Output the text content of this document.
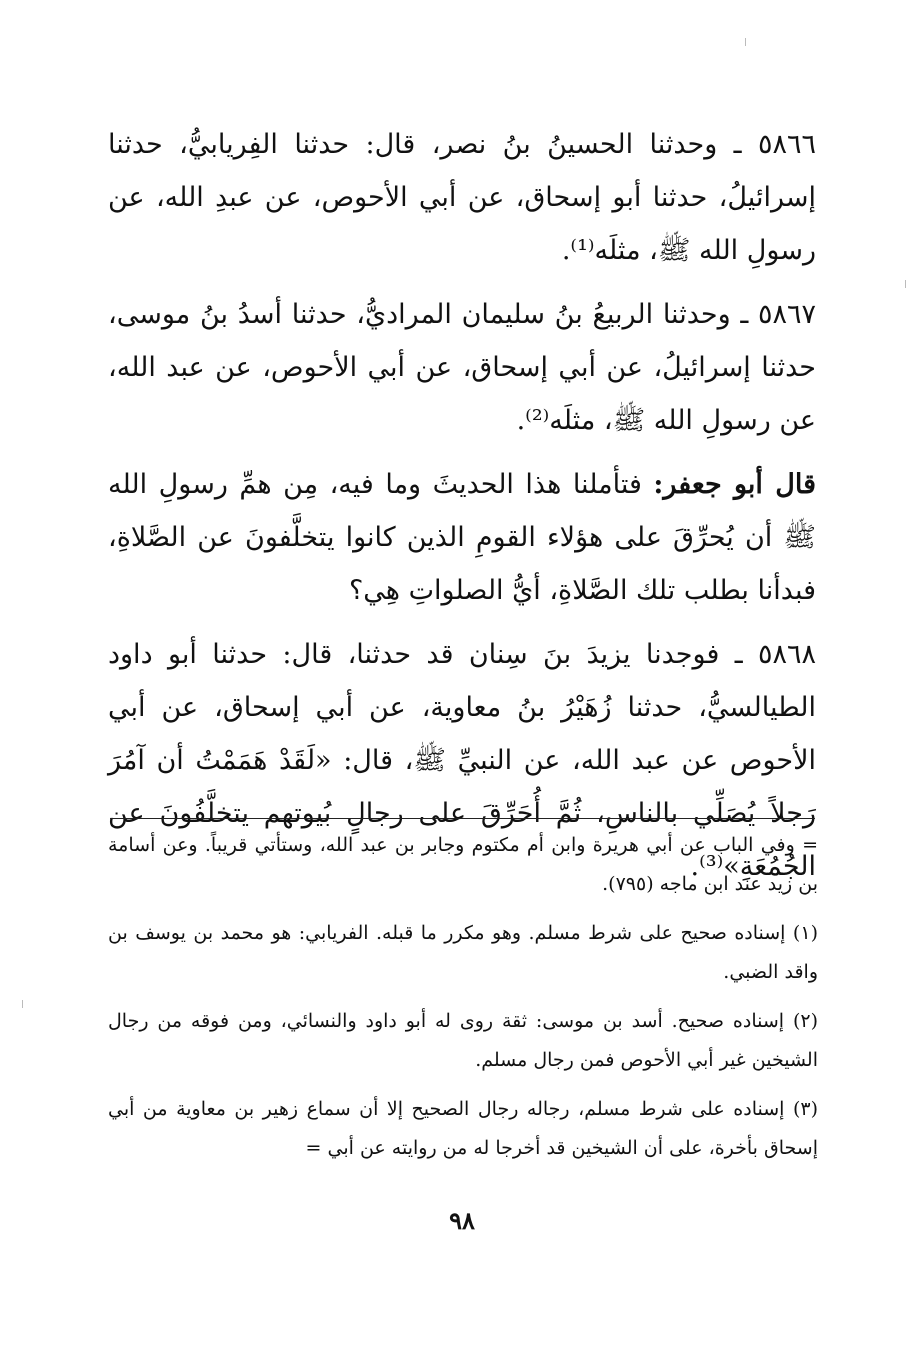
٥٨٦٦ ـ وحدثنا الحسينُ بنُ نصر، قال: حدثنا الفِريابيُّ، حدثنا إسرائيلُ، حدثنا أبو إسحاق، عن أبي الأحوص، عن عبدِ الله، عن رسولِ الله ﷺ، مثلَه⁽¹⁾.

٥٨٦٧ ـ وحدثنا الربيعُ بنُ سليمان المراديُّ، حدثنا أسدُ بنُ موسى، حدثنا إسرائيلُ، عن أبي إسحاق، عن أبي الأحوص، عن عبد الله، عن رسولِ الله ﷺ، مثلَه⁽²⁾.

قال أبو جعفر: فتأملنا هذا الحديثَ وما فيه، مِن همِّ رسولِ الله ﷺ أن يُحرِّقَ على هؤلاء القومِ الذين كانوا يتخلَّفونَ عن الصَّلاةِ، فبدأنا بطلب تلك الصَّلاةِ، أيُّ الصلواتِ هِي؟

٥٨٦٨ ـ فوجدنا يزيدَ بنَ سِنان قد حدثنا، قال: حدثنا أبو داود الطيالسيُّ، حدثنا زُهَيْرُ بنُ معاوية، عن أبي إسحاق، عن أبي الأحوص عن عبد الله، عن النبيِّ ﷺ، قال: «لَقَدْ هَمَمْتُ أن آمُرَ رَجلاً يُصَلِّي بالناسِ، ثُمَّ أُحَرِّقَ على رجالٍ بُيوتهم يتخلَّفُونَ عن الجُمُعَةِ»⁽³⁾.

= وفي الباب عن أبي هريرة وابن أم مكتوم وجابر بن عبد الله، وستأتي قريباً. وعن أسامة بن زيد عند ابن ماجه (٧٩٥).

(١) إسناده صحيح على شرط مسلم. وهو مكرر ما قبله. الفريابي: هو محمد بن يوسف بن واقد الضبي.

(٢) إسناده صحيح. أسد بن موسى: ثقة روى له أبو داود والنسائي، ومن فوقه من رجال الشيخين غير أبي الأحوص فمن رجال مسلم.

(٣) إسناده على شرط مسلم، رجاله رجال الصحيح إلا أن سماع زهير بن معاوية من أبي إسحاق بأخرة، على أن الشيخين قد أخرجا له من روايته عن أبي =

٩٨
